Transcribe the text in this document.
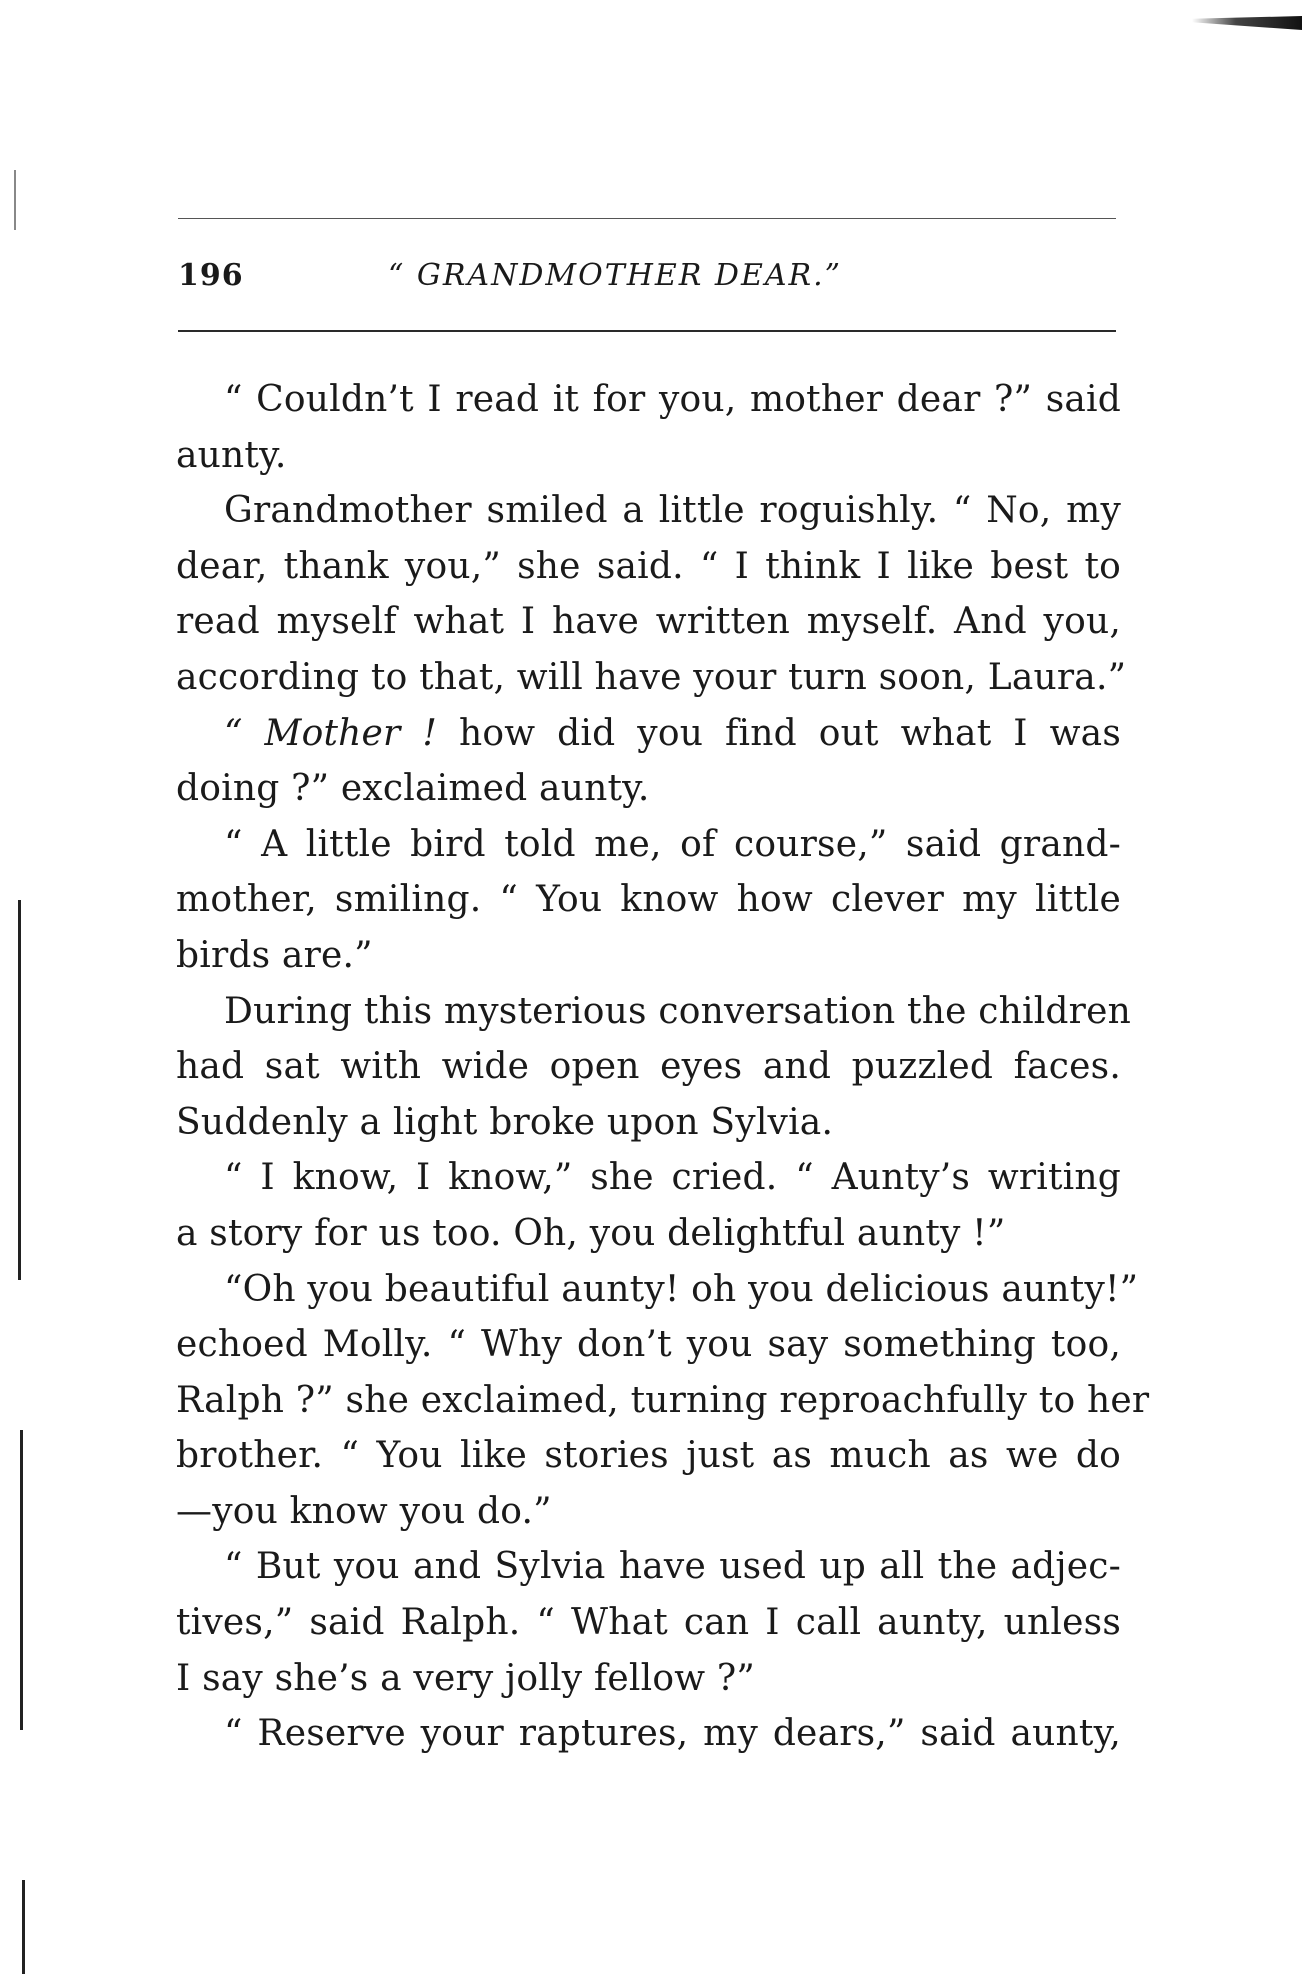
196	“ GRANDMOTHER DEAR.”
“ Couldn’t I read it for you, mother dear ?” said
aunty.
Grandmother smiled a little roguishly. “ No, my
dear, thank you,” she said. “ I think I like best to
read myself what I have written myself. And you,
according to that, will have your turn soon, Laura.”
“ Mother ! how did you find out what I was
doing ?” exclaimed aunty.
“ A little bird told me, of course,” said grand-
mother, smiling. “ You know how clever my little
birds are.”
During this mysterious conversation the children
had sat with wide open eyes and puzzled faces.
Suddenly a light broke upon Sylvia.
“ I know, I know,” she cried. “ Aunty’s writing
a story for us too. Oh, you delightful aunty !”
“Oh you beautiful aunty! oh you delicious aunty!”
echoed Molly. “ Why don’t you say something too,
Ralph ?” she exclaimed, turning reproachfully to her
brother. “ You like stories just as much as we do
—you know you do.”
“ But you and Sylvia have used up all the adjec-
tives,” said Ralph. “ What can I call aunty, unless
I say she’s a very jolly fellow ?”
“ Reserve your raptures, my dears,” said aunty,
